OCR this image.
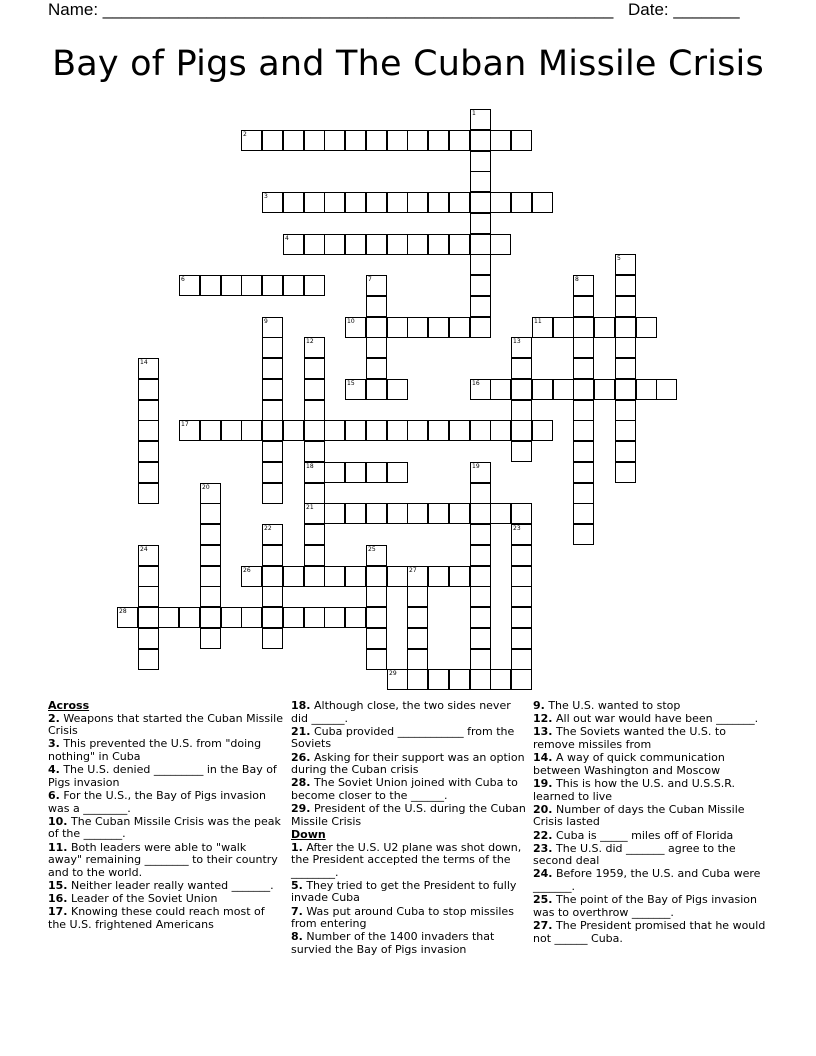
Name: ______________________________________________________ Date: _______
Bay of Pigs and The Cuban Missile Crisis
1
2
3
4
5
6	7	8
9	10	11
12
18
21
13
14
15	16
17
19
20
22	23
24	25
26	27
28
29
Across
2. Weapons that started the Cuban Missile Crisis
3. This prevented the U.S. from "doing nothing" in Cuba
4. The U.S. denied _________ in the Bay of Pigs invasion
6. For the U.S., the Bay of Pigs invasion was a ________.
10. The Cuban Missile Crisis was the peak of the _______.
11. Both leaders were able to "walk away" remaining ________ to their country and to the world.
15. Neither leader really wanted _______.
16. Leader of the Soviet Union
17. Knowing these could reach most of the U.S. frightened Americans
18. Although close, the two sides never did ______.
21. Cuba provided ____________ from the Soviets
26. Asking for their support was an option during the Cuban crisis
28. The Soviet Union joined with Cuba to become closer to the ______.
29. President of the U.S. during the Cuban Missile Crisis
Down
1. After the U.S. U2 plane was shot down, the President accepted the terms of the ________.
5. They tried to get the President to fully invade Cuba
7. Was put around Cuba to stop missiles from entering
8. Number of the 1400 invaders that survied the Bay of Pigs invasion
9. The U.S. wanted to stop
12. All out war would have been _______.
13. The Soviets wanted the U.S. to remove missiles from
14. A way of quick communication between Washington and Moscow
19. This is how the U.S. and U.S.S.R. learned to live
20. Number of days the Cuban Missile Crisis lasted
22. Cuba is _____ miles off of Florida
23. The U.S. did _______ agree to the second deal
24. Before 1959, the U.S. and Cuba were _______.
25. The point of the Bay of Pigs invasion was to overthrow _______.
27. The President promised that he would not ______ Cuba.
